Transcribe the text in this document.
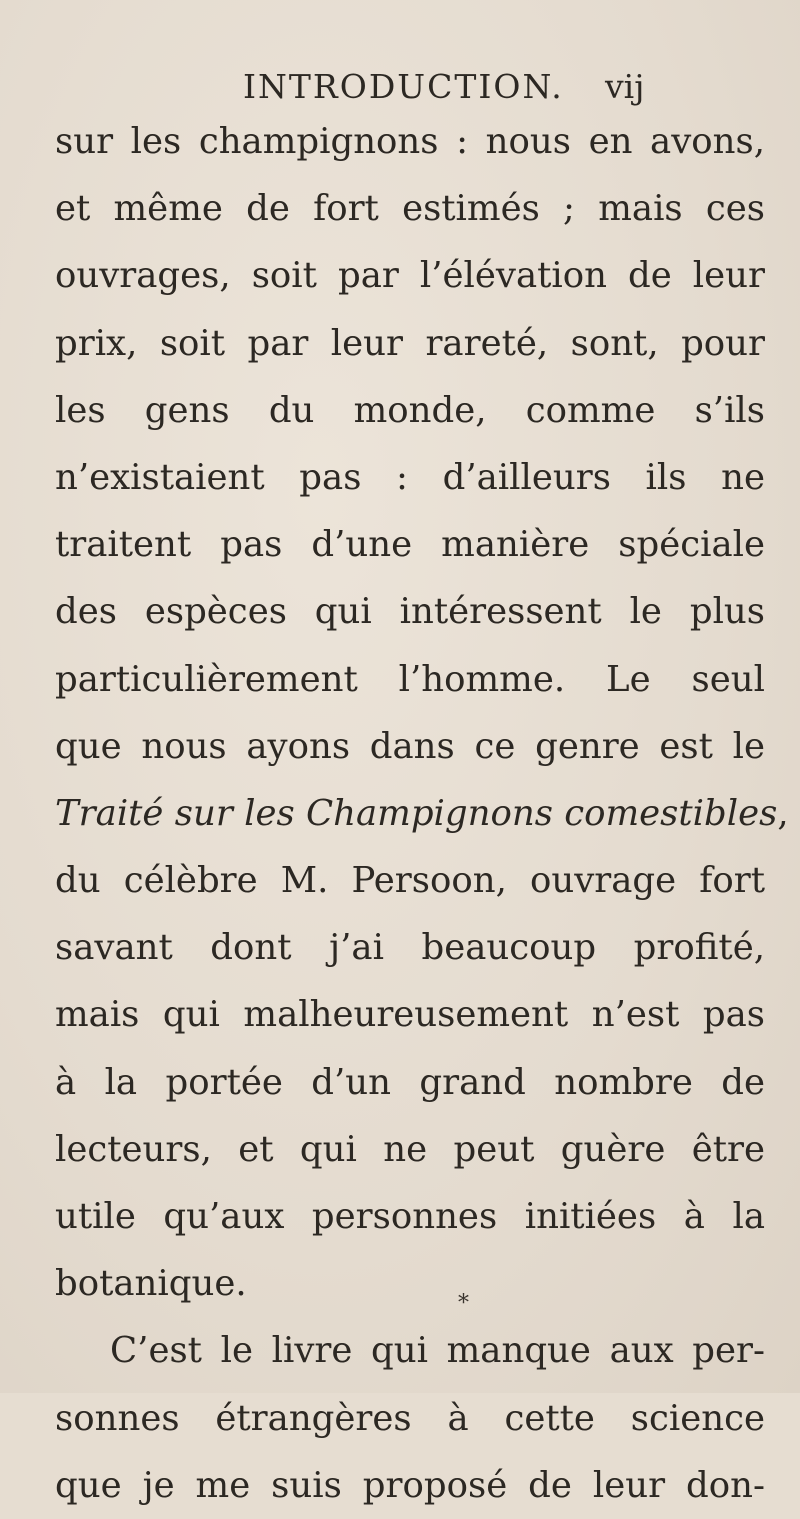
INTRODUCTION. vij
sur les champignons : nous en avons,
et même de fort estimés ; mais ces
ouvrages, soit par l’élévation de leur
prix, soit par leur rareté, sont, pour
les gens du monde, comme s’ils
n’existaient pas : d’ailleurs ils ne
traitent pas d’une manière spéciale
des espèces qui intéressent le plus
particulièrement l’homme. Le seul
que nous ayons dans ce genre est le
Traité sur les Champignons comestibles,
du célèbre M. Persoon, ouvrage fort
savant dont j’ai beaucoup profité,
mais qui malheureusement n’est pas
à la portée d’un grand nombre de
lecteurs, et qui ne peut guère être
utile qu’aux personnes initiées à la
botanique.
C’est le livre qui manque aux per-
sonnes étrangères à cette science
que je me suis proposé de leur don-
*
